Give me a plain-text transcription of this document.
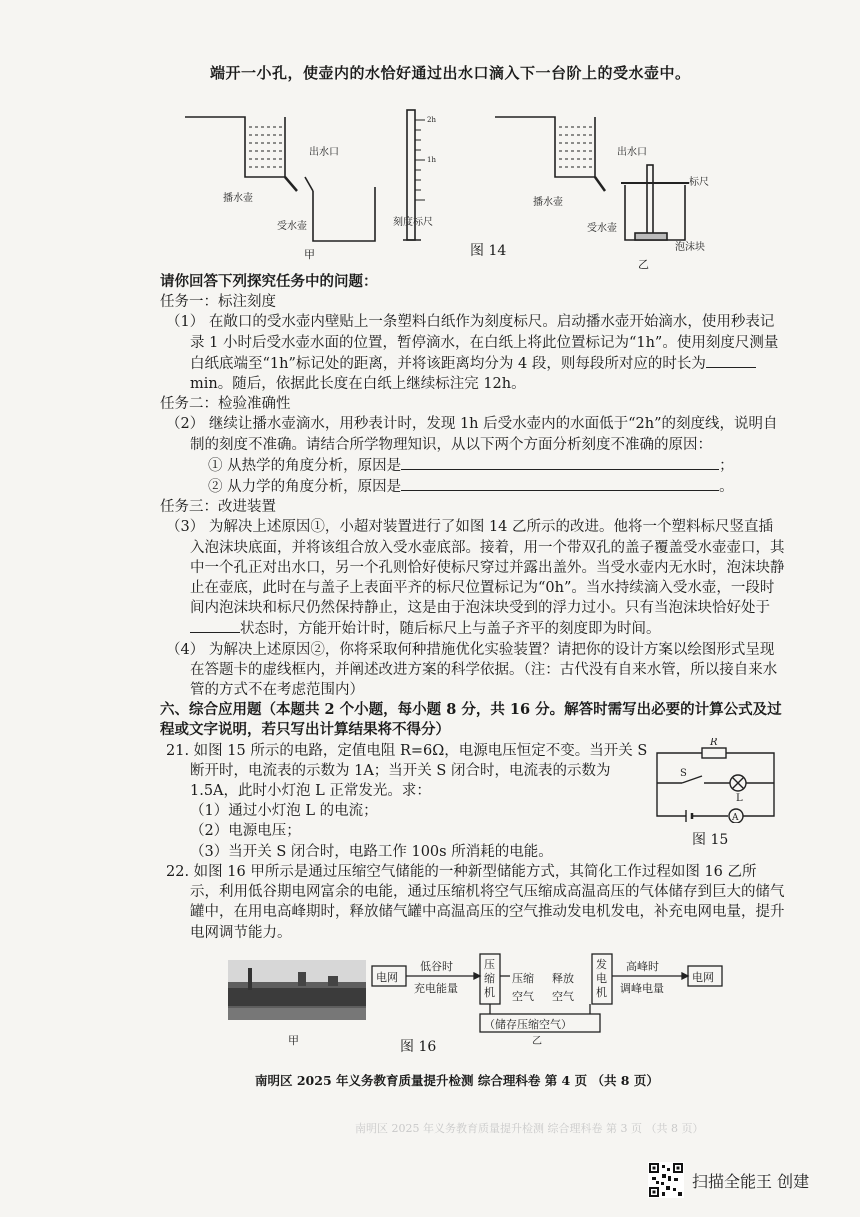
端开一小孔，使壶内的水恰好通过出水口滴入下一台阶上的受水壶中。
出水口
播水壶
受水壶	刻度标尺
2h
1h
出水口
播水壶
标尺
受水壶
泡沫块
图 14
甲
乙

请你回答下列探究任务中的问题：

任务一：标注刻度

（1） 在敞口的受水壶内壁贴上一条塑料白纸作为刻度标尺。启动播水壶开始滴水，使用秒表记录 1 小时后受水壶水面的位置，暂停滴水，在白纸上将此位置标记为“1h”。使用刻度尺测量白纸底端至“1h”标记处的距离，并将该距离均分为 4 段，则每段所对应的时长为min。随后，依据此长度在白纸上继续标注完 12h。

任务二：检验准确性

（2） 继续让播水壶滴水，用秒表计时，发现 1h 后受水壶内的水面低于“2h”的刻度线，说明自制的刻度不准确。请结合所学物理知识，从以下两个方面分析刻度不准确的原因：

① 从热学的角度分析，原因是	；

② 从力学的角度分析，原因是	。

任务三：改进装置

（3） 为解决上述原因①，小超对装置进行了如图 14 乙所示的改进。他将一个塑料标尺竖直插入泡沫块底面，并将该组合放入受水壶底部。接着，用一个带双孔的盖子覆盖受水壶壶口，其中一个孔正对出水口，另一个孔则恰好使标尺穿过并露出盖外。当受水壶内无水时，泡沫块静止在壶底，此时在与盖子上表面平齐的标尺位置标记为“0h”。当水持续滴入受水壶，一段时间内泡沫块和标尺仍然保持静止，这是由于泡沫块受到的浮力过小。只有当泡沫块恰好处于状态时，方能开始计时，随后标尺上与盖子齐平的刻度即为时间。

（4） 为解决上述原因②，你将采取何种措施优化实验装置？请把你的设计方案以绘图形式呈现在答题卡的虚线框内，并阐述改进方案的科学依据。（注：古代没有自来水管，所以接自来水管的方式不在考虑范围内）

六、综合应用题（本题共 2 个小题，每小题 8 分，共 16 分。解答时需写出必要的计算公式及过程或文字说明，若只写出计算结果将不得分）

21. 如图 15 所示的电路，定值电阻 R=6Ω，电源电压恒定不变。当开关 S 断开时，电流表的示数为 1A；当开关 S 闭合时，电流表的示数为 1.5A，此时小灯泡 L 正常发光。求：

（1）通过小灯泡 L 的电流；

（2）电源电压；

（3）当开关 S 闭合时，电路工作 100s 所消耗的电能。

22. 如图 16 甲所示是通过压缩空气储能的一种新型储能方式，其简化工作过程如图 16 乙所示，利用低谷期电网富余的电能，通过压缩机将空气压缩成高温高压的气体储存到巨大的储气罐中，在用电高峰期时，释放储气罐中高温高压的空气推动发电机发电，补充电网电量，提升电网调节能力。

R
S
L
A
图 15
甲	图 16
电网
低谷时
充电能量
压缩机
压缩
空气
释放
空气
发电机
高峰时
调峰电量
电网
（储存压缩空气）
乙
南明区 2025 年义务教育质量提升检测 综合理科卷 第 4 页 （共 8 页）
南明区 2025 年义务教育质量提升检测 综合理科卷 第 3 页 （共 8 页）
扫描全能王 创建
